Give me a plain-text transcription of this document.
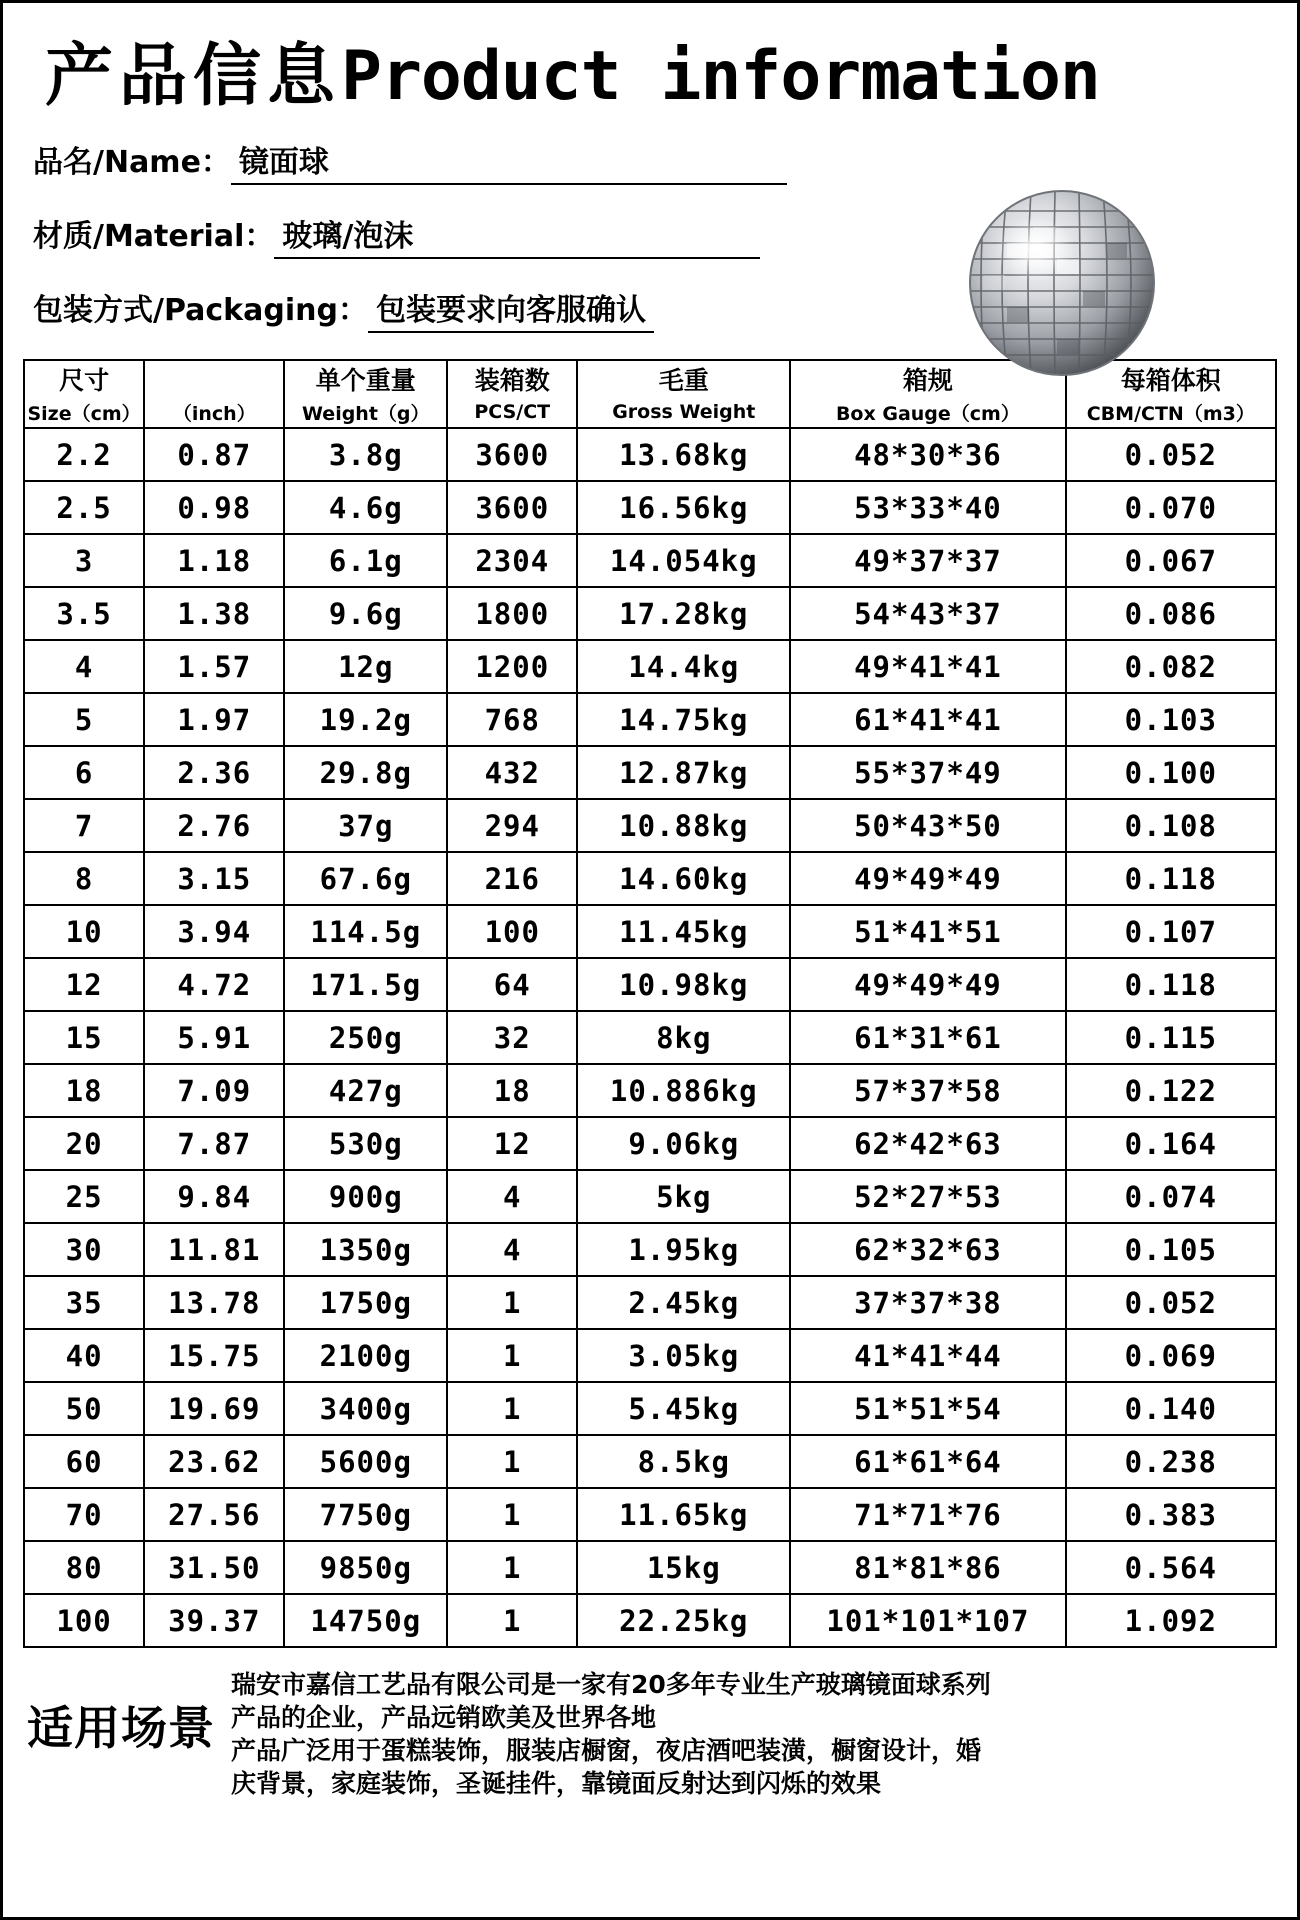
产品信息Product information
品名/Name： 镜面球
材质/Material： 玻璃/泡沫
包装方式/Packaging： 包装要求向客服确认
尺寸		单个重量	装箱数	毛重	箱规	每箱体积
Size（cm）	（inch）	Weight（g）	PCS/CT	Gross Weight	Box Gauge（cm）	CBM/CTN（m3）
2.2	0.87	3.8g	3600	13.68kg	48*30*36	0.052
2.5	0.98	4.6g	3600	16.56kg	53*33*40	0.070
3	1.18	6.1g	2304	14.054kg	49*37*37	0.067
3.5	1.38	9.6g	1800	17.28kg	54*43*37	0.086
4	1.57	12g	1200	14.4kg	49*41*41	0.082
5	1.97	19.2g	768	14.75kg	61*41*41	0.103
6	2.36	29.8g	432	12.87kg	55*37*49	0.100
7	2.76	37g	294	10.88kg	50*43*50	0.108
8	3.15	67.6g	216	14.60kg	49*49*49	0.118
10	3.94	114.5g	100	11.45kg	51*41*51	0.107
12	4.72	171.5g	64	10.98kg	49*49*49	0.118
15	5.91	250g	32	8kg	61*31*61	0.115
18	7.09	427g	18	10.886kg	57*37*58	0.122
20	7.87	530g	12	9.06kg	62*42*63	0.164
25	9.84	900g	4	5kg	52*27*53	0.074
30	11.81	1350g	4	1.95kg	62*32*63	0.105
35	13.78	1750g	1	2.45kg	37*37*38	0.052
40	15.75	2100g	1	3.05kg	41*41*44	0.069
50	19.69	3400g	1	5.45kg	51*51*54	0.140
60	23.62	5600g	1	8.5kg	61*61*64	0.238
70	27.56	7750g	1	11.65kg	71*71*76	0.383
80	31.50	9850g	1	15kg	81*81*86	0.564
100	39.37	14750g	1	22.25kg	101*101*107	1.092
适用场景
瑞安市嘉信工艺品有限公司是一家有20多年专业生产玻璃镜面球系列
产品的企业，产品远销欧美及世界各地
产品广泛用于蛋糕装饰，服装店橱窗，夜店酒吧装潢，橱窗设计，婚
庆背景，家庭装饰，圣诞挂件，靠镜面反射达到闪烁的效果
